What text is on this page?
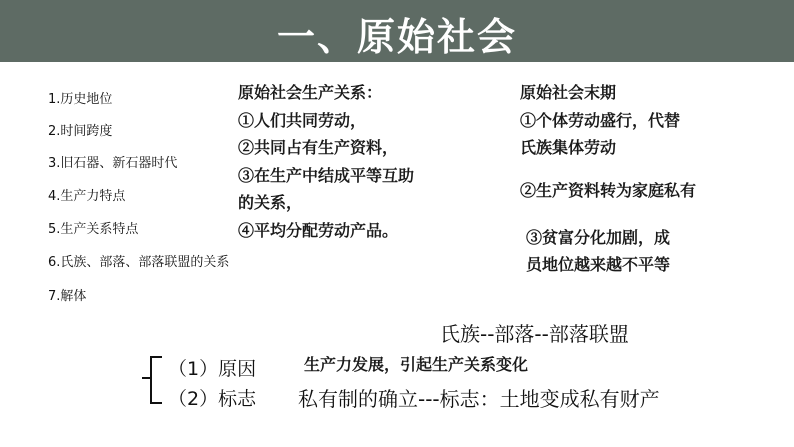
一、原始社会
1.历史地位
2.时间跨度
3.旧石器、新石器时代
4.生产力特点
5.生产关系特点
6.氏族、部落、部落联盟的关系
7.解体
原始社会生产关系：
①人们共同劳动，
②共同占有生产资料，
③在生产中结成平等互助
的关系，
④平均分配劳动产品。
原始社会末期
①个体劳动盛行，代替
氏族集体劳动
②生产资料转为家庭私有
③贫富分化加剧，成
员地位越来越不平等
氏族--部落--部落联盟
（1）原因	生产力发展，引起生产关系变化
（2）标志 私有制的确立---标志：土地变成私有财产
